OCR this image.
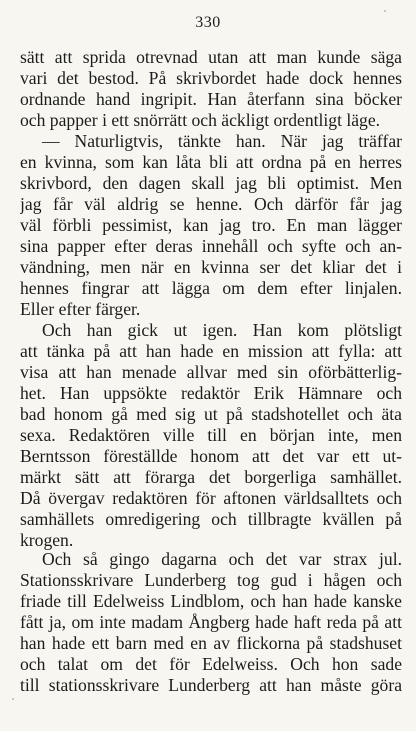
330
sätt att sprida otrevnad utan att man kunde säga
vari det bestod. På skrivbordet hade dock hennes
ordnande hand ingripit. Han återfann sina böcker
och papper i ett snörrätt och äckligt ordentligt läge.
— Naturligtvis, tänkte han. När jag träffar
en kvinna, som kan låta bli att ordna på en herres
skrivbord, den dagen skall jag bli optimist. Men
jag får väl aldrig se henne. Och därför får jag
väl förbli pessimist, kan jag tro. En man lägger
sina papper efter deras innehåll och syfte och an-
vändning, men när en kvinna ser det kliar det i
hennes fingrar att lägga om dem efter linjalen.
Eller efter färger.
Och han gick ut igen. Han kom plötsligt
att tänka på att han hade en mission att fylla: att
visa att han menade allvar med sin oförbätterlig-
het. Han uppsökte redaktör Erik Hämnare och
bad honom gå med sig ut på stadshotellet och äta
sexa. Redaktören ville till en början inte, men
Berntsson föreställde honom att det var ett ut-
märkt sätt att förarga det borgerliga samhället.
Då övergav redaktören för aftonen världsalltets och
samhällets omredigering och tillbragte kvällen på
krogen.
Och så gingo dagarna och det var strax jul.
Stationsskrivare Lunderberg tog gud i hågen och
friade till Edelweiss Lindblom, och han hade kanske
fått ja, om inte madam Ångberg hade haft reda på att
han hade ett barn med en av flickorna på stadshuset
och talat om det för Edelweiss. Och hon sade
till stationsskrivare Lunderberg att han måste göra
